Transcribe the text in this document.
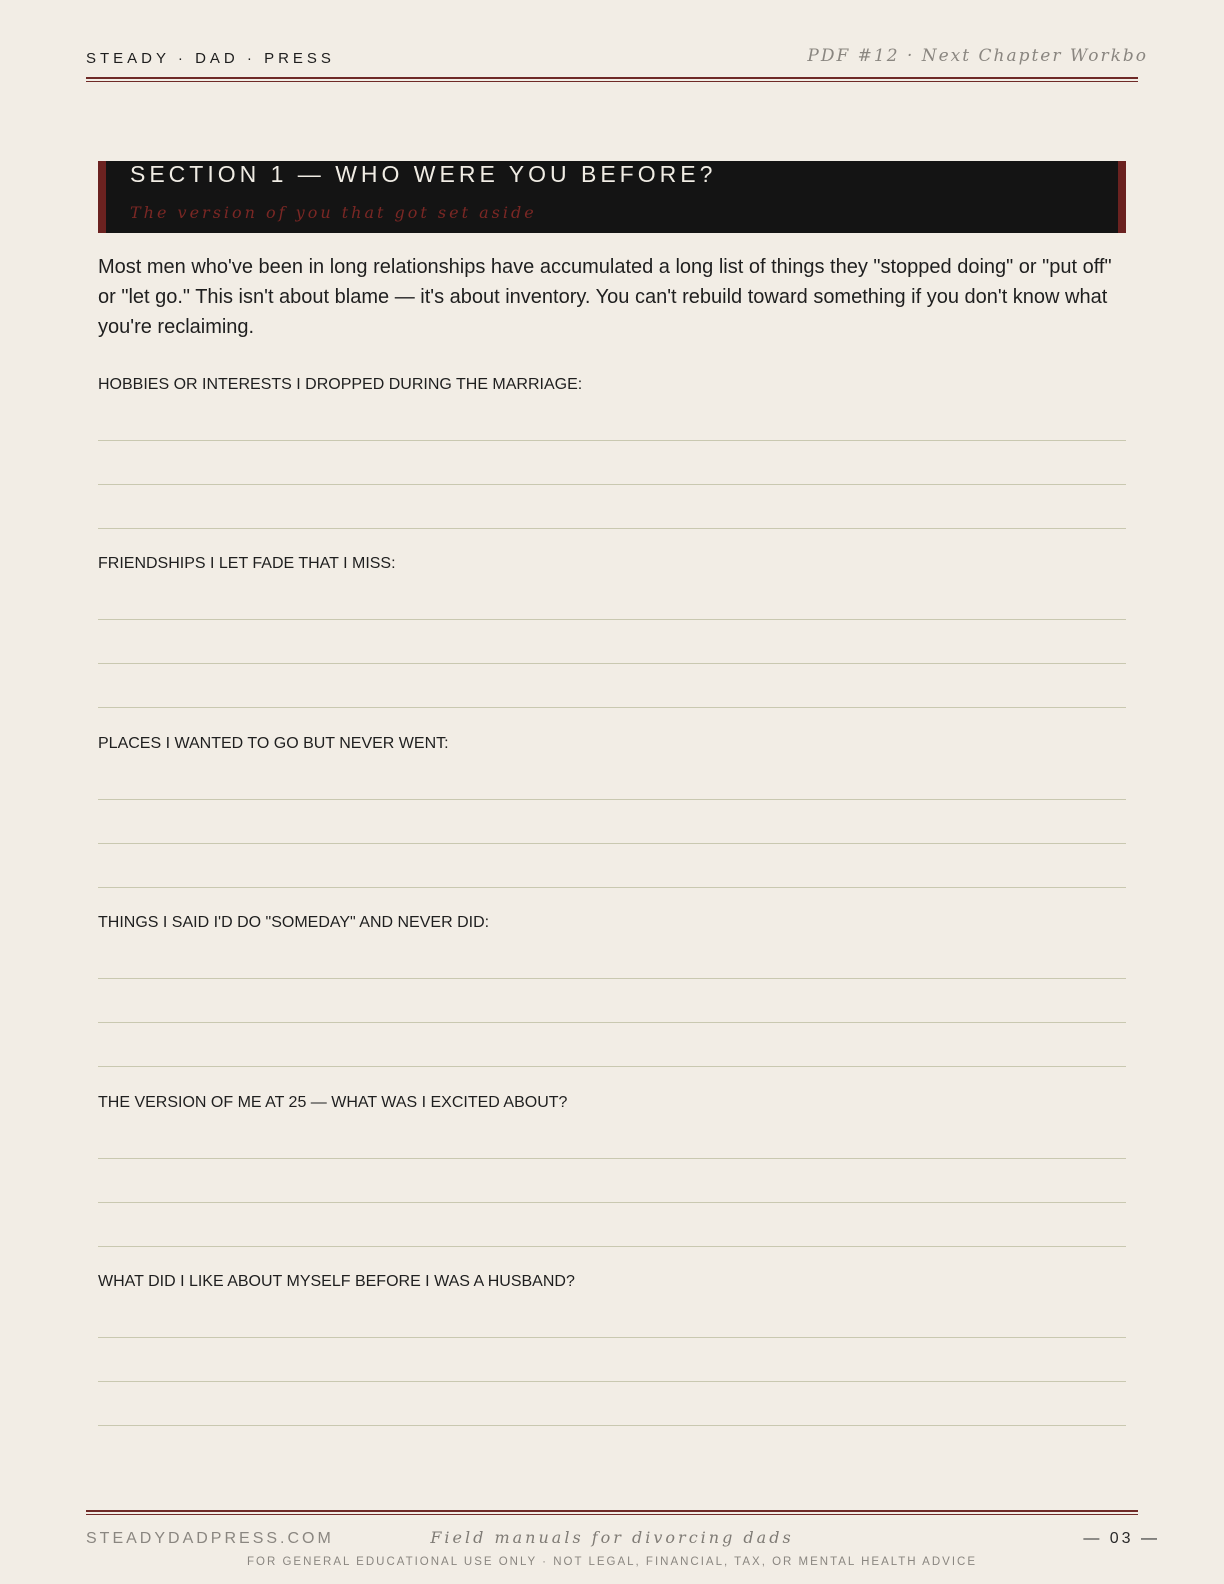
STEADY · DAD · PRESS	PDF #12 · Next Chapter Workbo
SECTION 1 — WHO WERE YOU BEFORE?
The version of you that got set aside

Most men who've been in long relationships have accumulated a long list of things they "stopped doing" or "put off" or "let go." This isn't about blame — it's about inventory. You can't rebuild toward something if you don't know what you're reclaiming.

HOBBIES OR INTERESTS I DROPPED DURING THE MARRIAGE:
FRIENDSHIPS I LET FADE THAT I MISS:
PLACES I WANTED TO GO BUT NEVER WENT:
THINGS I SAID I'D DO "SOMEDAY" AND NEVER DID:
THE VERSION OF ME AT 25 — WHAT WAS I EXCITED ABOUT?
WHAT DID I LIKE ABOUT MYSELF BEFORE I WAS A HUSBAND?
STEADYDADPRESS.COM	Field manuals for divorcing dads	— 03 —
FOR GENERAL EDUCATIONAL USE ONLY · NOT LEGAL, FINANCIAL, TAX, OR MENTAL HEALTH ADVICE
